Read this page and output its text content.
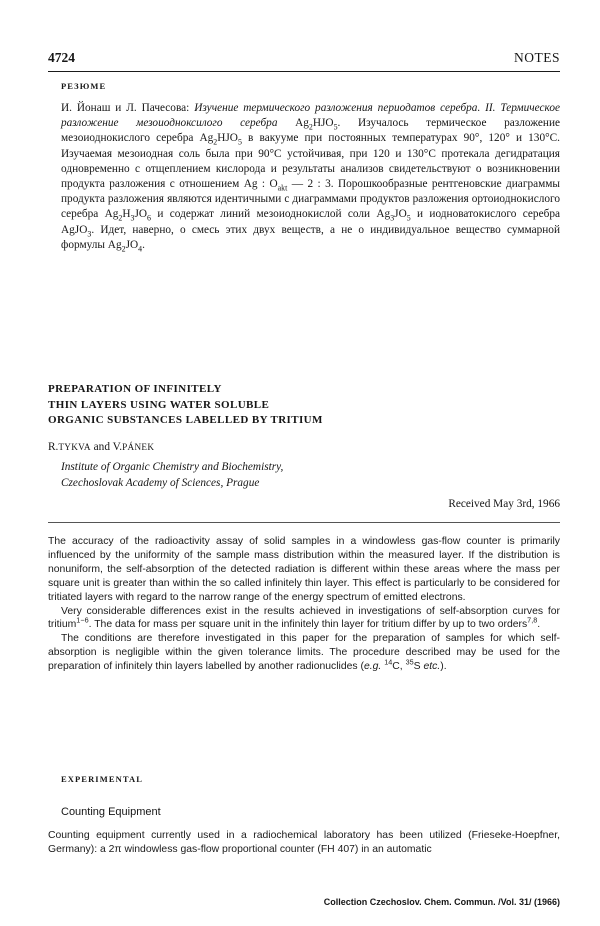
4724	NOTES
РЕЗЮМЕ

И. Йонаш и Л. Пачесова: Изучение термического разложения периодатов серебра. II. Термическое разложение мезоиодноксилого серебра $Ag_2HJO_5$. Изучалось термическое разложение мезоиоднокислого серебра $Ag_2HJO_5$ в вакууме при постоянных температурах 90°, 120° и 130°С. Изучаемая мезоиодная соль была при 90°С устойчивая, при 120 и 130°С протекала дегидратация одновременно с отщеплением кислорода и результаты анализов свидетельствуют о возникновении продукта разложения с отношением Ag : $O_{akt}$ — 2 : 3. Порошкообразные рентгеновские диаграммы продукта разложения являются идентичными с диаграммами продуктов разложения ортоиоднокислого серебра $Ag_2H_3JO_6$ и содержат линий мезоиоднокислой соли $Ag_3JO_5$ и иодноватокислого серебра AgJO$_3$. Идет, наверно, о смесь этих двух веществ, а не о индивидуальное вещество суммарной формулы $Ag_2JO_4$.

PREPARATION OF INFINITELY
THIN LAYERS USING WATER SOLUBLE
ORGANIC SUBSTANCES LABELLED BY TRITIUM
R.TYKVA and V.PÁNEK
Institute of Organic Chemistry and Biochemistry,
Czechoslovak Academy of Sciences, Prague
Received May 3rd, 1966

The accuracy of the radioactivity assay of solid samples in a windowless gas-flow counter is primarily influenced by the uniformity of the sample mass distribution within the measured layer. If the distribution is nonuniform, the self-absorption of the detected radiation is different within these areas where the mass per square unit is greater than within the so called infinitely thin layer. This effect is particularly to be considered for tritiated layers with regard to the narrow range of the energy spectrum of emitted electrons.

Very considerable differences exist in the results achieved in investigations of self-absorption curves for tritium$^{1-6}$. The data for mass per square unit in the infinitely thin layer for tritium differ by up to two orders$^{7,8}$.

The conditions are therefore investigated in this paper for the preparation of samples for which self-absorption is negligible within the given tolerance limits. The procedure described may be used for the preparation of infinitely thin layers labelled by another radionuclides (e.g. $^{14}$C, $^{35}$S etc.).

EXPERIMENTAL
Counting Equipment

Counting equipment currently used in a radiochemical laboratory has been utilized (Frieseke-Hoepfner, Germany): a 2π windowless gas-flow proportional counter (FH 407) in an automatic

Collection Czechoslov. Chem. Commun. /Vol. 31/ (1966)
